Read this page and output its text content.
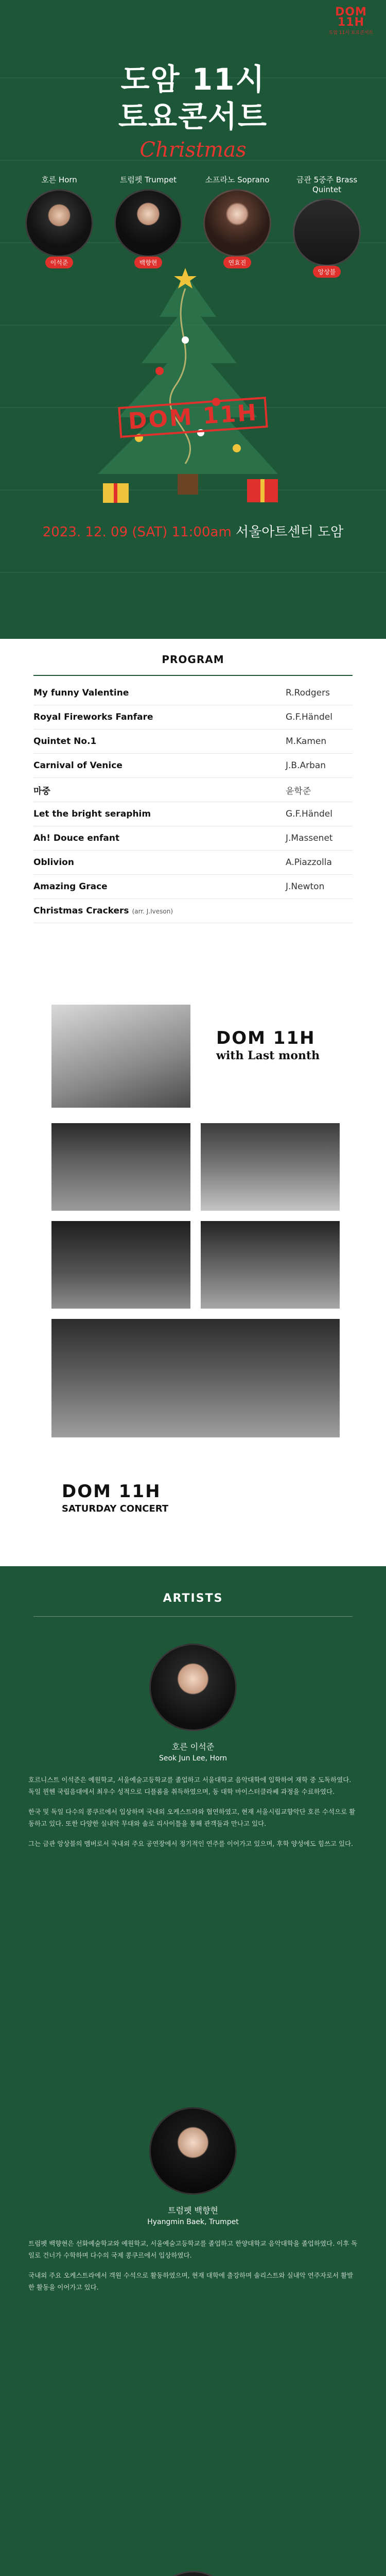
DOM 11H
도암 11시 토요콘서트
도암 11시
토요콘서트
Christmas
호른 Horn
이석준
트럼펫 Trumpet
백향현
소프라노 Soprano
연효진
금관 5중주 Brass Quintet
앙상블
DOM 11H
2023. 12. 09 (SAT) 11:00am 서울아트센터 도암
PROGRAM
My funny Valentine	R.Rodgers
Royal Fireworks Fanfare	G.F.Händel
Quintet No.1	M.Kamen
Carnival of Venice	J.B.Arban
마중	윤학준
Let the bright seraphim	G.F.Händel
Ah! Douce enfant	J.Massenet
Oblivion	A.Piazzolla
Amazing Grace	J.Newton
Christmas Crackers (arr. J.Iveson)
DOM 11H
with Last month
DOM 11H
SATURDAY CONCERT
ARTISTS
호른 이석준
Seok Jun Lee, Horn

호르니스트 이석준은 예원학교, 서울예술고등학교를 졸업하고 서울대학교 음악대학에 입학하여 재학 중 도독하였다. 독일 뮌헨 국립음대에서 최우수 성적으로 디플롬을 취득하였으며, 동 대학 마이스터클라쎄 과정을 수료하였다.

한국 및 독일 다수의 콩쿠르에서 입상하며 국내외 오케스트라와 협연하였고, 현재 서울시립교향악단 호른 수석으로 활동하고 있다. 또한 다양한 실내악 무대와 솔로 리사이틀을 통해 관객들과 만나고 있다.

그는 금관 앙상블의 멤버로서 국내외 주요 공연장에서 정기적인 연주를 이어가고 있으며, 후학 양성에도 힘쓰고 있다.

트럼펫 백향현
Hyangmin Baek, Trumpet

트럼펫 백향현은 선화예술학교와 예원학교, 서울예술고등학교를 졸업하고 한양대학교 음악대학을 졸업하였다. 이후 독일로 건너가 수학하며 다수의 국제 콩쿠르에서 입상하였다.

국내외 주요 오케스트라에서 객원 수석으로 활동하였으며, 현재 대학에 출강하며 솔리스트와 실내악 연주자로서 활발한 활동을 이어가고 있다.
